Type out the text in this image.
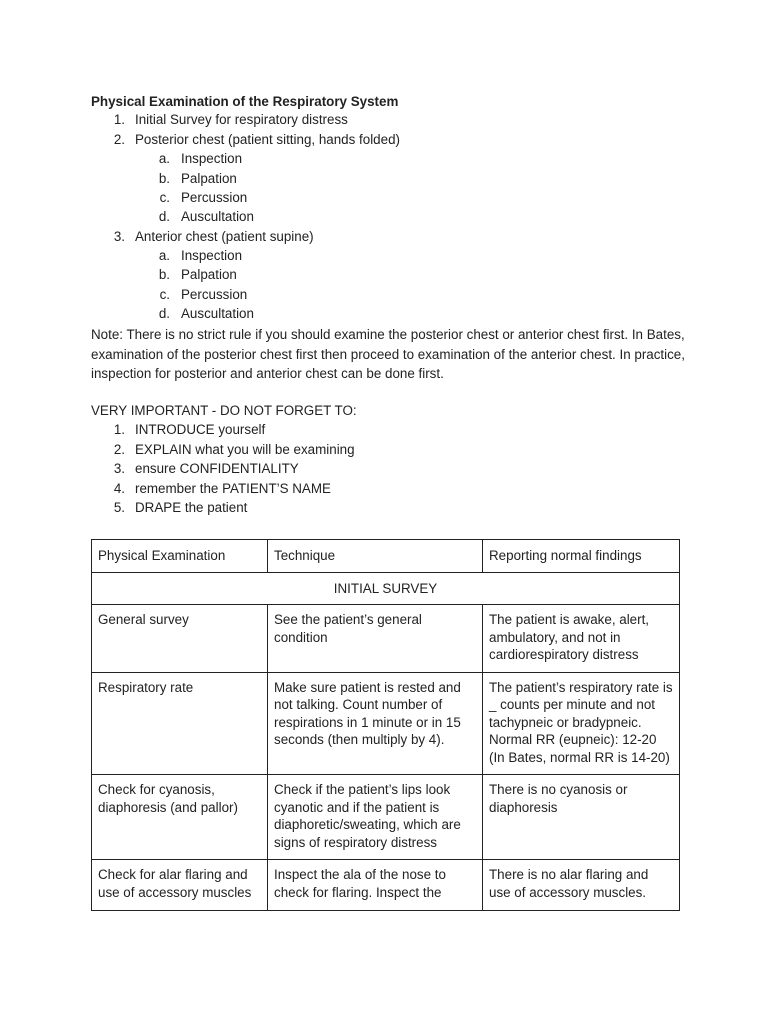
Physical Examination of the Respiratory System
1. Initial Survey for respiratory distress
2. Posterior chest (patient sitting, hands folded)
a. Inspection
b. Palpation
c. Percussion
d. Auscultation
3. Anterior chest (patient supine)
a. Inspection
b. Palpation
c. Percussion
d. Auscultation

Note: There is no strict rule if you should examine the posterior chest or anterior chest first. In Bates, examination of the posterior chest first then proceed to examination of the anterior chest. In practice, inspection for posterior and anterior chest can be done first.

VERY IMPORTANT - DO NOT FORGET TO:
1. INTRODUCE yourself
2. EXPLAIN what you will be examining
3. ensure CONFIDENTIALITY
4. remember the PATIENT’S NAME
5. DRAPE the patient
Physical Examination	Technique	Reporting normal findings
INITIAL SURVEY		
General survey	See the patient’s general condition	The patient is awake, alert, ambulatory, and not in cardiorespiratory distress
Respiratory rate	Make sure patient is rested and not talking. Count number of respirations in 1 minute or in 15 seconds (then multiply by 4).	The patient’s respiratory rate is _ counts per minute and not tachypneic or bradypneic. Normal RR (eupneic): 12-20 (In Bates, normal RR is 14-20)
Check for cyanosis, diaphoresis (and pallor)	Check if the patient’s lips look cyanotic and if the patient is diaphoretic/sweating, which are signs of respiratory distress	There is no cyanosis or diaphoresis

Check for alar flaring and use of accessory muscles	Inspect the ala of the nose to check for flaring. Inspect the	There is no alar flaring and use of accessory muscles.
